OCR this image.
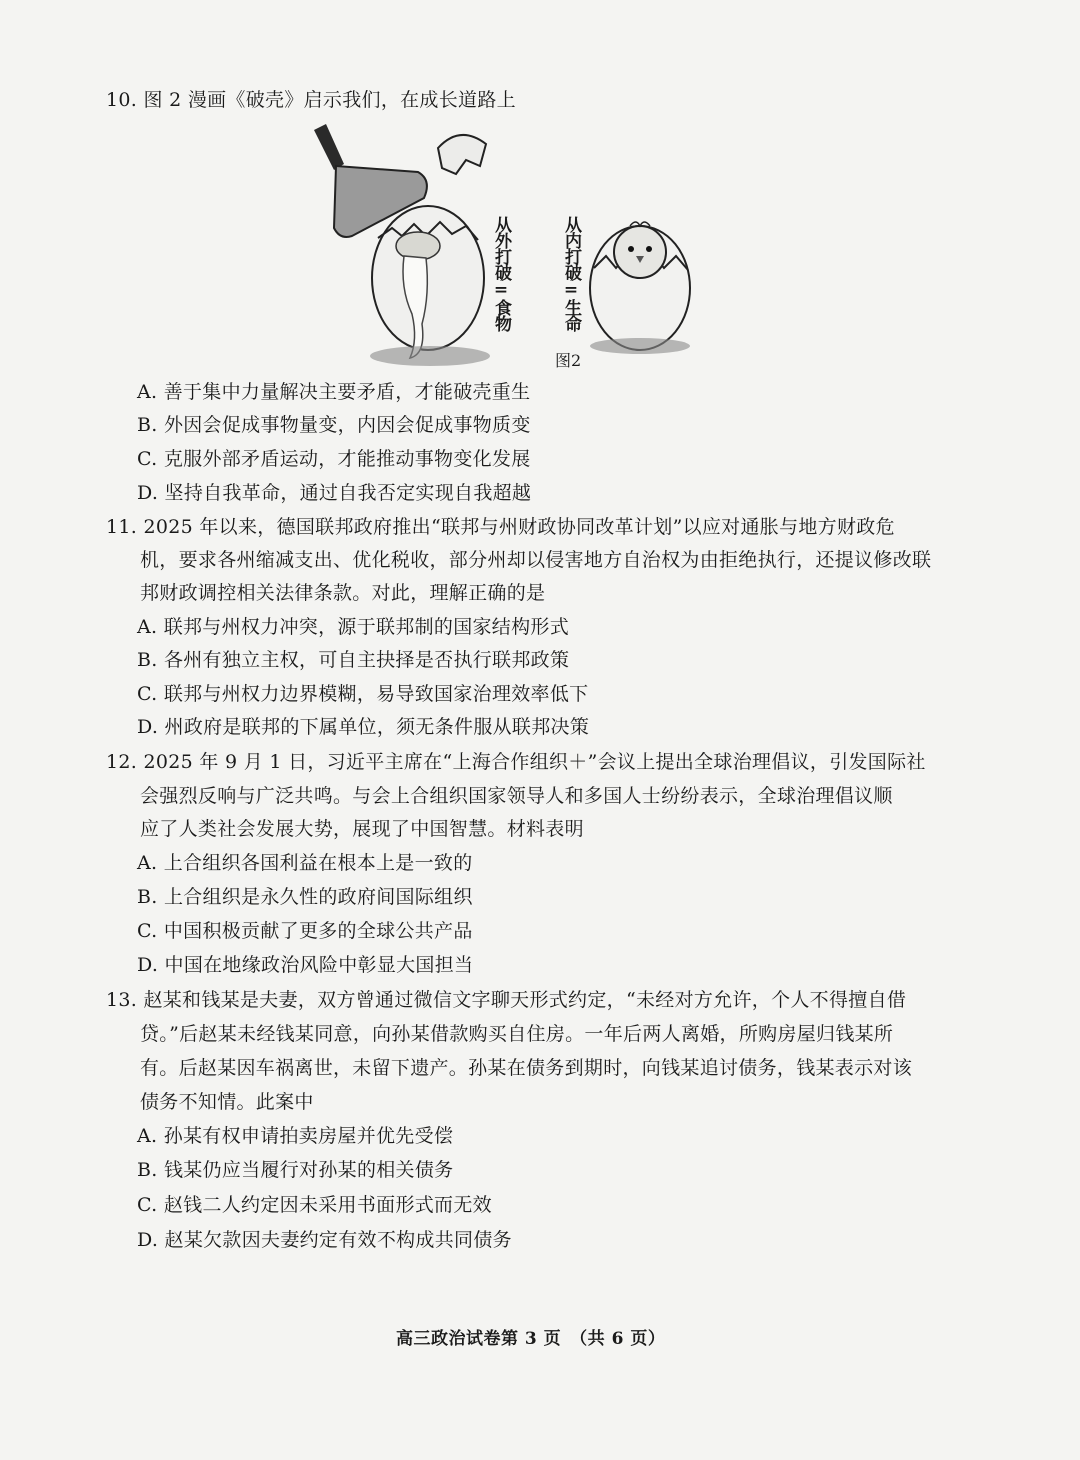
10. 图 2 漫画《破壳》启示我们，在成长道路上
从外打破=食物	从内打破=生命
图2
A. 善于集中力量解决主要矛盾，才能破壳重生
B. 外因会促成事物量变，内因会促成事物质变
C. 克服外部矛盾运动，才能推动事物变化发展
D. 坚持自我革命，通过自我否定实现自我超越
11. 2025 年以来，德国联邦政府推出“联邦与州财政协同改革计划”以应对通胀与地方财政危
机，要求各州缩减支出、优化税收，部分州却以侵害地方自治权为由拒绝执行，还提议修改联
邦财政调控相关法律条款。对此，理解正确的是
A. 联邦与州权力冲突，源于联邦制的国家结构形式
B. 各州有独立主权，可自主抉择是否执行联邦政策
C. 联邦与州权力边界模糊，易导致国家治理效率低下
D. 州政府是联邦的下属单位，须无条件服从联邦决策
12. 2025 年 9 月 1 日，习近平主席在“上海合作组织＋”会议上提出全球治理倡议，引发国际社
会强烈反响与广泛共鸣。与会上合组织国家领导人和多国人士纷纷表示，全球治理倡议顺
应了人类社会发展大势，展现了中国智慧。材料表明
A. 上合组织各国利益在根本上是一致的
B. 上合组织是永久性的政府间国际组织
C. 中国积极贡献了更多的全球公共产品
D. 中国在地缘政治风险中彰显大国担当
13. 赵某和钱某是夫妻，双方曾通过微信文字聊天形式约定，“未经对方允许，个人不得擅自借
贷。”后赵某未经钱某同意，向孙某借款购买自住房。一年后两人离婚，所购房屋归钱某所
有。后赵某因车祸离世，未留下遗产。孙某在债务到期时，向钱某追讨债务，钱某表示对该
债务不知情。此案中
A. 孙某有权申请拍卖房屋并优先受偿
B. 钱某仍应当履行对孙某的相关债务
C. 赵钱二人约定因未采用书面形式而无效
D. 赵某欠款因夫妻约定有效不构成共同债务
高三政治试卷第 3 页　（共 6 页）
